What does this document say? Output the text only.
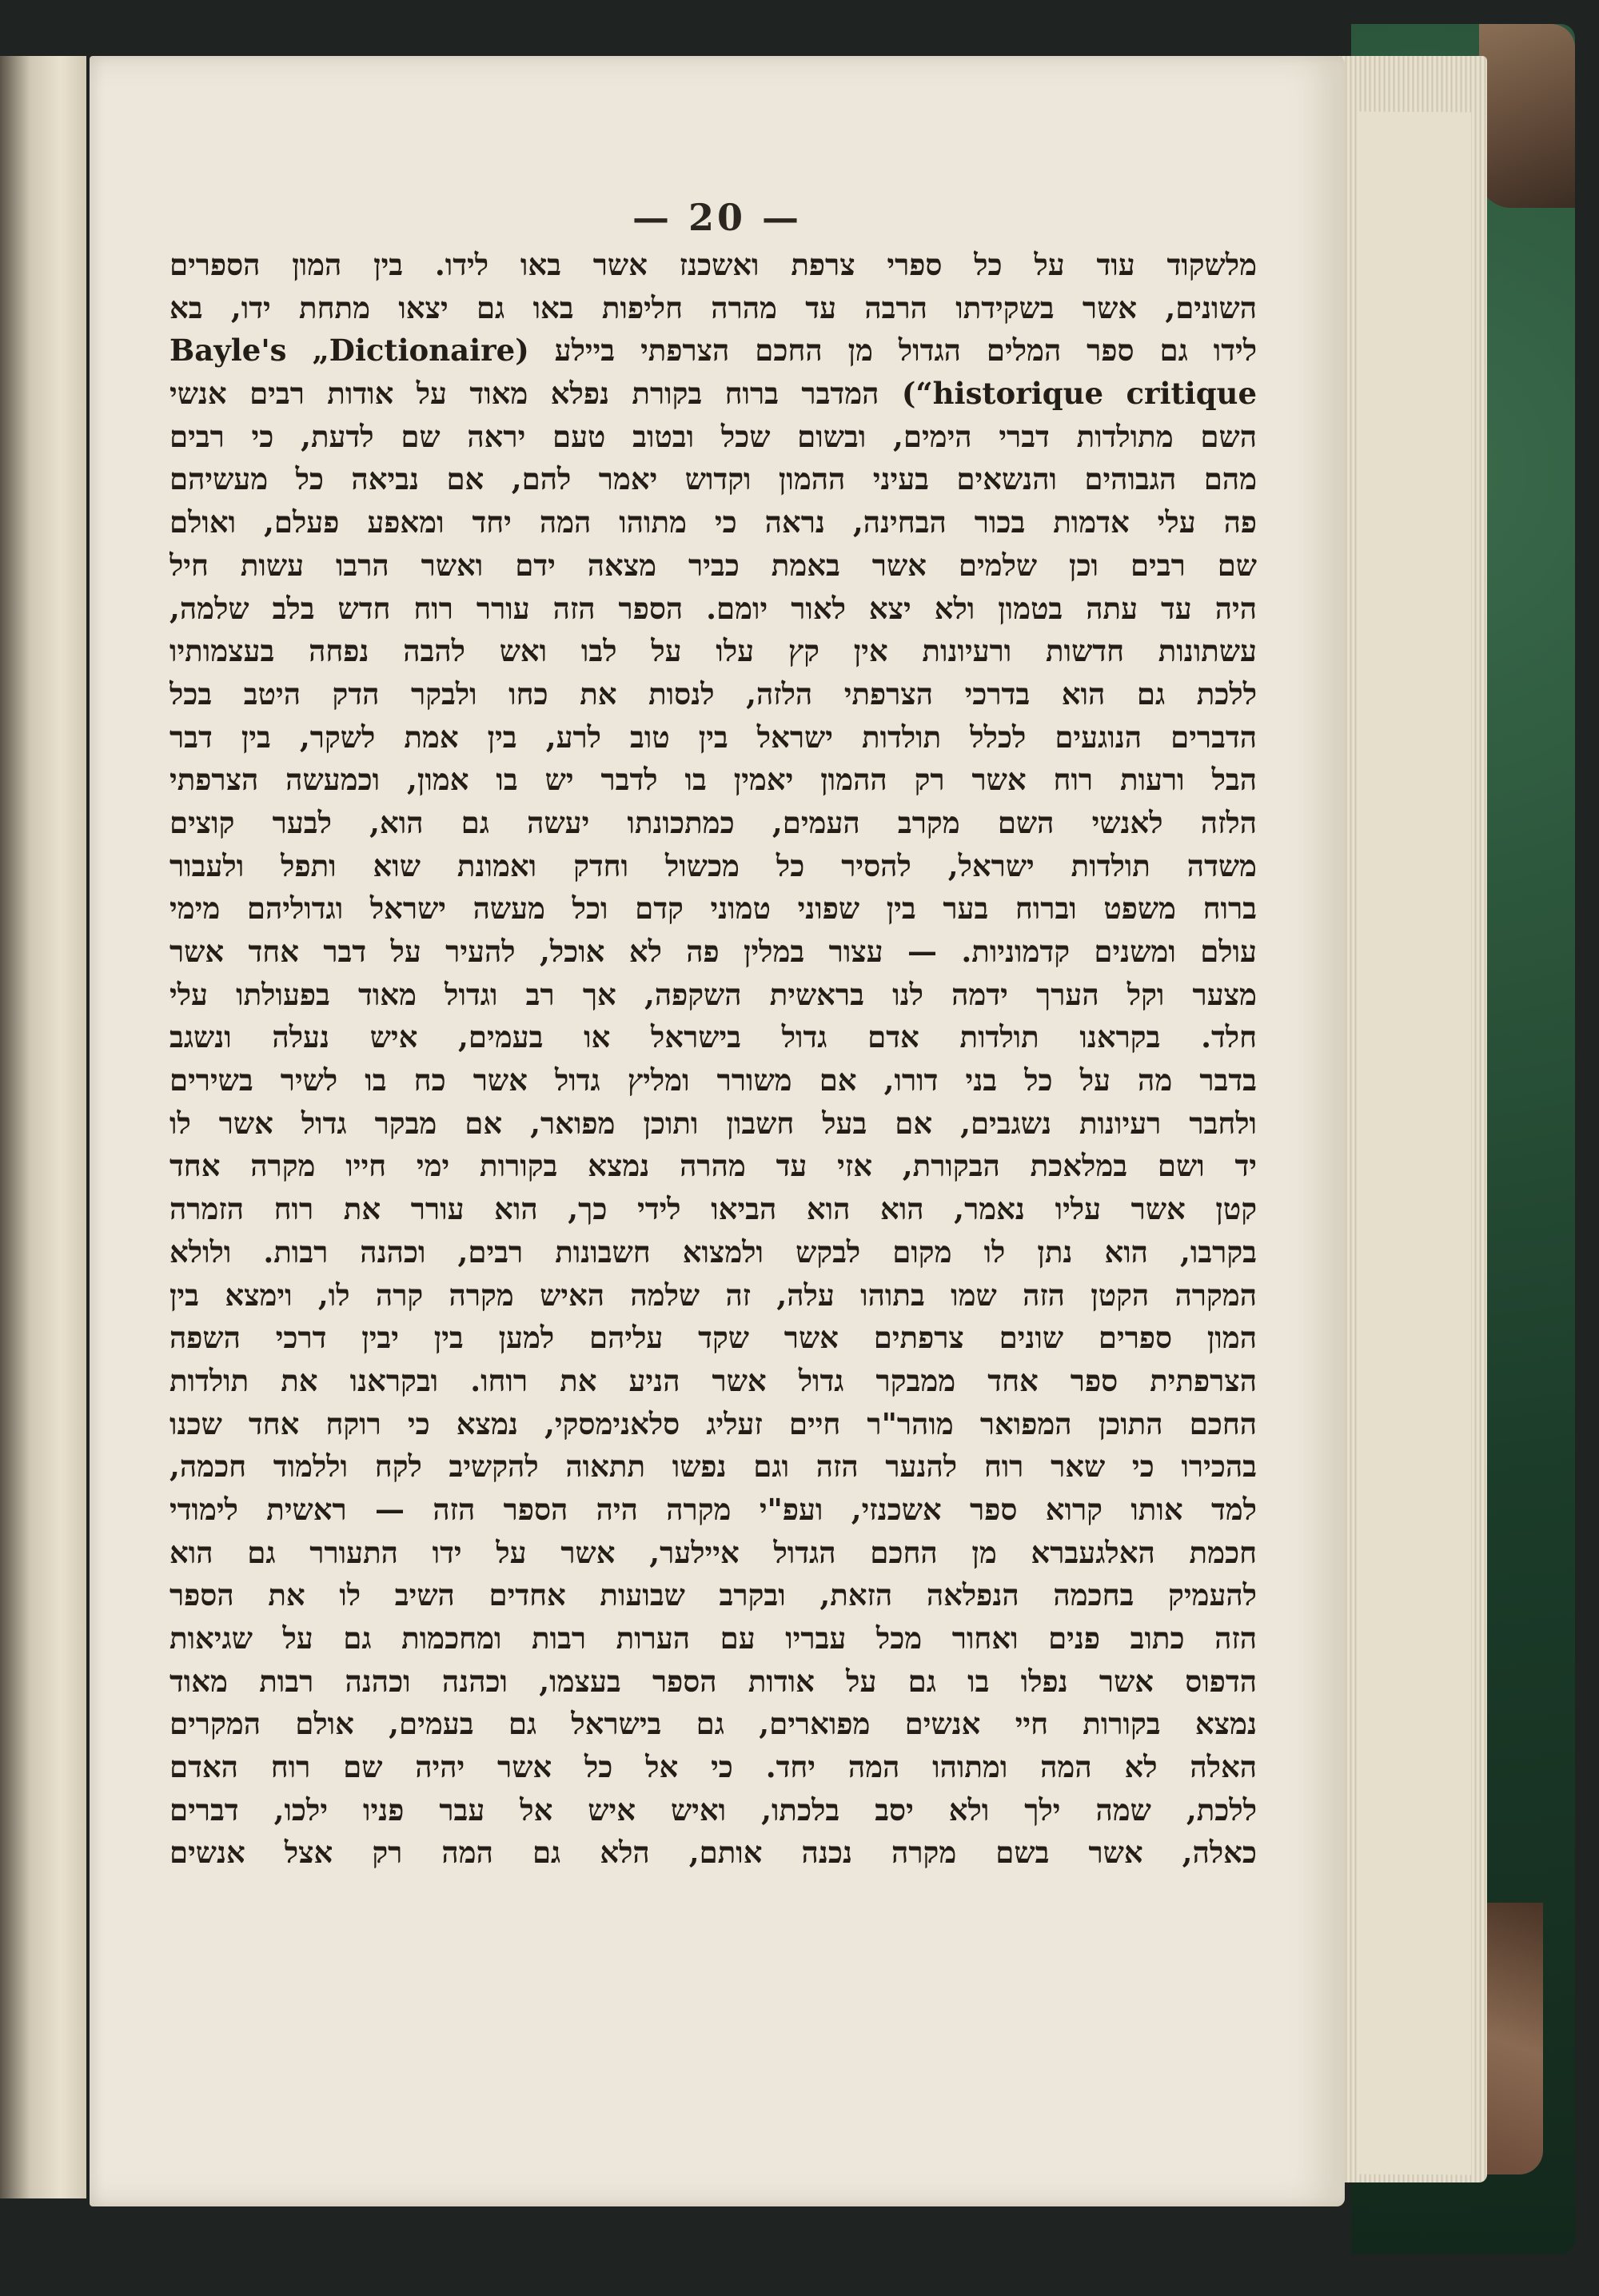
— 20 —
מלשקוד עוד על כל ספרי צרפת ואשכנז אשר באו לידו. בין המון הספרים
השונים, אשר בשקידתו הרבה עד מהרה חליפות באו גם יצאו מתחת ידו, בא
לידו גם ספר המלים הגדול מן החכם הצרפתי ביילע (Bayle's „Dictionaire
historique critique“) המדבר ברוח בקורת נפלא מאוד על אודות רבים אנשי
השם מתולדות דברי הימים, ובשום שכל ובטוב טעם יראה שם לדעת, כי רבים
מהם הגבוהים והנשאים בעיני ההמון וקדוש יאמר להם, אם נביאה כל מעשיהם
פה עלי אדמות בכור הבחינה, נראה כי מתוהו המה יחד ומאפע פעלם, ואולם
שם רבים וכן שלמים אשר באמת כביר מצאה ידם ואשר הרבו עשות חיל
היה עד עתה בטמון ולא יצא לאור יומם. הספר הזה עורר רוח חדש בלב שלמה,
עשתונות חדשות ורעיונות אין קץ עלו על לבו ואש להבה נפחה בעצמותיו
ללכת גם הוא בדרכי הצרפתי הלזה, לנסות את כחו ולבקר הדק היטב בכל
הדברים הנוגעים לכלל תולדות ישראל בין טוב לרע, בין אמת לשקר, בין דבר
הבל ורעות רוח אשר רק ההמון יאמין בו לדבר יש בו אמון, וכמעשה הצרפתי
הלזה לאנשי השם מקרב העמים, כמתכונתו יעשה גם הוא, לבער קוצים
משדה תולדות ישראל, להסיר כל מכשול וחדק ואמונת שוא ותפל ולעבור
ברוח משפט וברוח בער בין שפוני טמוני קדם וכל מעשה ישראל וגדוליהם מימי
עולם ומשנים קדמוניות. — עצור במלין פה לא אוכל, להעיר על דבר אחד אשר
מצער וקל הערך ידמה לנו בראשית השקפה, אך רב וגדול מאוד בפעולתו עלי
חלד. בקראנו תולדות אדם גדול בישראל או בעמים, איש נעלה ונשגב
בדבר מה על כל בני דורו, אם משורר ומליץ גדול אשר כח בו לשיר בשירים
ולחבר רעיונות נשגבים, אם בעל חשבון ותוכן מפואר, אם מבקר גדול אשר לו
יד ושם במלאכת הבקורת, אזי עד מהרה נמצא בקורות ימי חייו מקרה אחד
קטן אשר עליו נאמר, הוא הוא הביאו לידי כך, הוא עורר את רוח הזמרה
בקרבו, הוא נתן לו מקום לבקש ולמצוא חשבונות רבים, וכהנה רבות. ולולא
המקרה הקטן הזה שמו בתוהו עלה, זה שלמה האיש מקרה קרה לו, וימצא בין
המון ספרים שונים צרפתים אשר שקד עליהם למען בין יבין דרכי השפה
הצרפתית ספר אחד ממבקר גדול אשר הניע את רוחו. ובקראנו את תולדות
החכם התוכן המפואר מוהר"ר חיים זעליג סלאנימסקי, נמצא כי רוקח אחד שכנו
בהכירו כי שאר רוח להנער הזה וגם נפשו תתאוה להקשיב לקח וללמוד חכמה,
למד אותו קרוא ספר אשכנזי, ועפ"י מקרה היה הספר הזה — ראשית לימודי
חכמת האלגעברא מן החכם הגדול איילער, אשר על ידו התעורר גם הוא
להעמיק בחכמה הנפלאה הזאת, ובקרב שבועות אחדים השיב לו את הספר
הזה כתוב פנים ואחור מכל עבריו עם הערות רבות ומחכמות גם על שגיאות
הדפוס אשר נפלו בו גם על אודות הספר בעצמו, וכהנה וכהנה רבות מאוד
נמצא בקורות חיי אנשים מפוארים, גם בישראל גם בעמים, אולם המקרים
האלה לא המה ומתוהו המה יחד. כי אל כל אשר יהיה שם רוח האדם
ללכת, שמה ילך ולא יסב בלכתו, ואיש איש אל עבר פניו ילכו, דברים
כאלה, אשר בשם מקרה נכנה אותם, הלא גם המה רק אצל אנשים
